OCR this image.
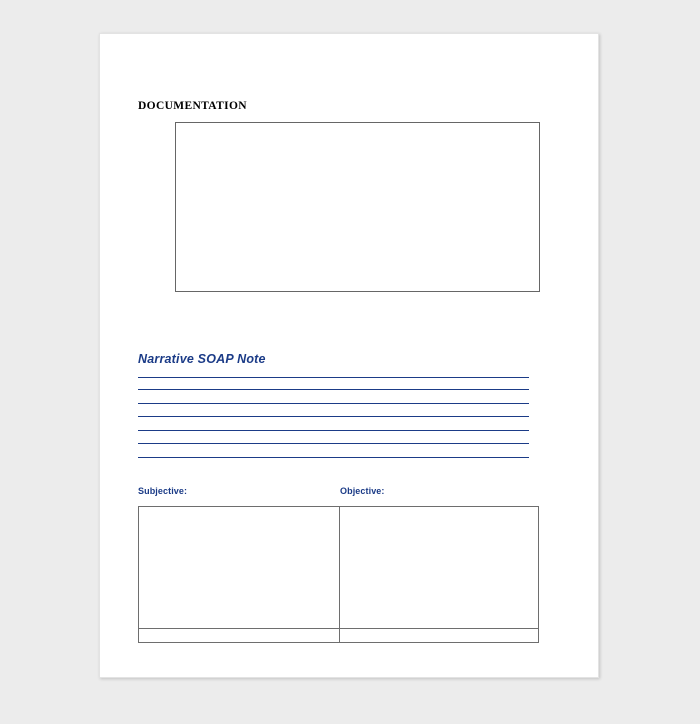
DOCUMENTATION
Narrative SOAP Note
Subjective:	Objective:
